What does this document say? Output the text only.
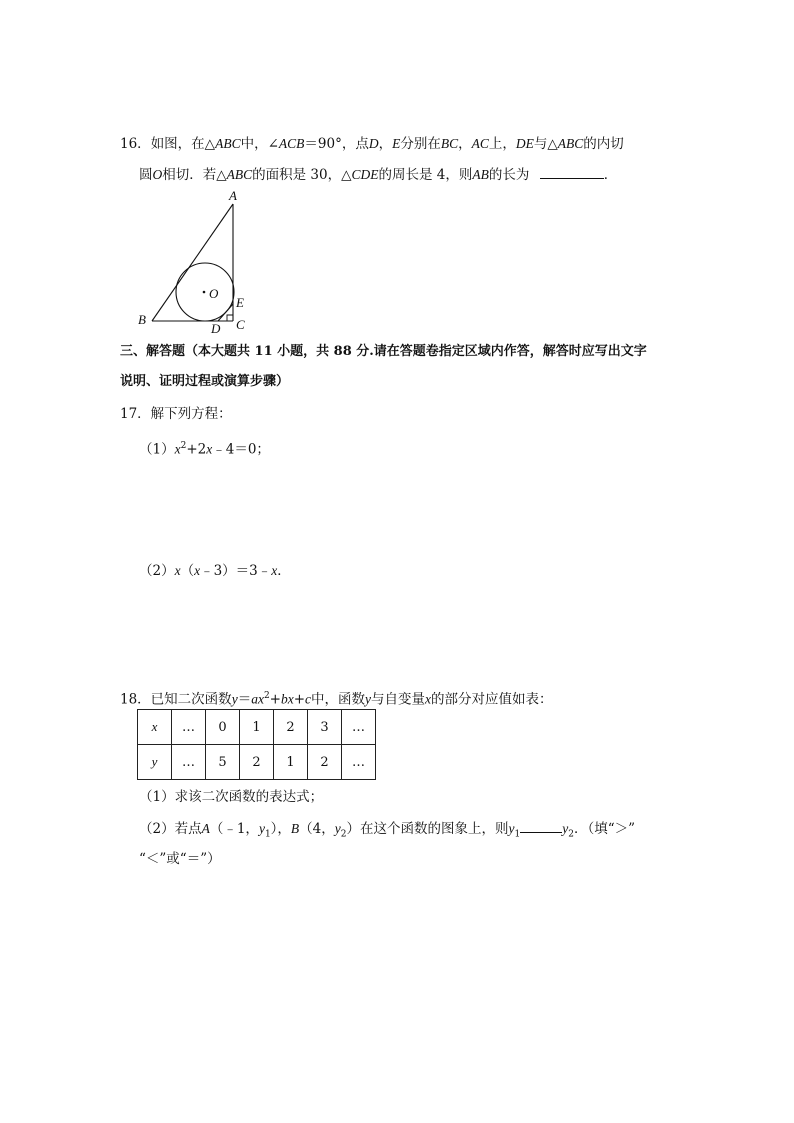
16．如图，在△ABC中，∠ACB＝90°，点D，E分别在BC，AC上，DE与△ABC的内切
圆O相切．若△ABC的面积是 30，△CDE的周长是 4，则AB的长为	．
A
B	C
D
E
O
三、解答题（本大题共 11 小题，共 88 分.请在答题卷指定区域内作答，解答时应写出文字
说明、证明过程或演算步骤）
17．解下列方程：
$(1)x^2+2x﹣4=0$；
（2）x（x﹣3）＝3﹣x．
18．已知二次函数$y=ax^2+bx+c$中，函数y与自变量x的部分对应值如表：
x	…	0	1	2	3	…
y	…	5	2	1	2	…
（1）求该二次函数的表达式；
（2）若点A（﹣1，$y_1$），B（4，$y_2$）在这个函数的图象上，则$y_1$	$y_2$．（填“＞”
“＜”或“＝”）
